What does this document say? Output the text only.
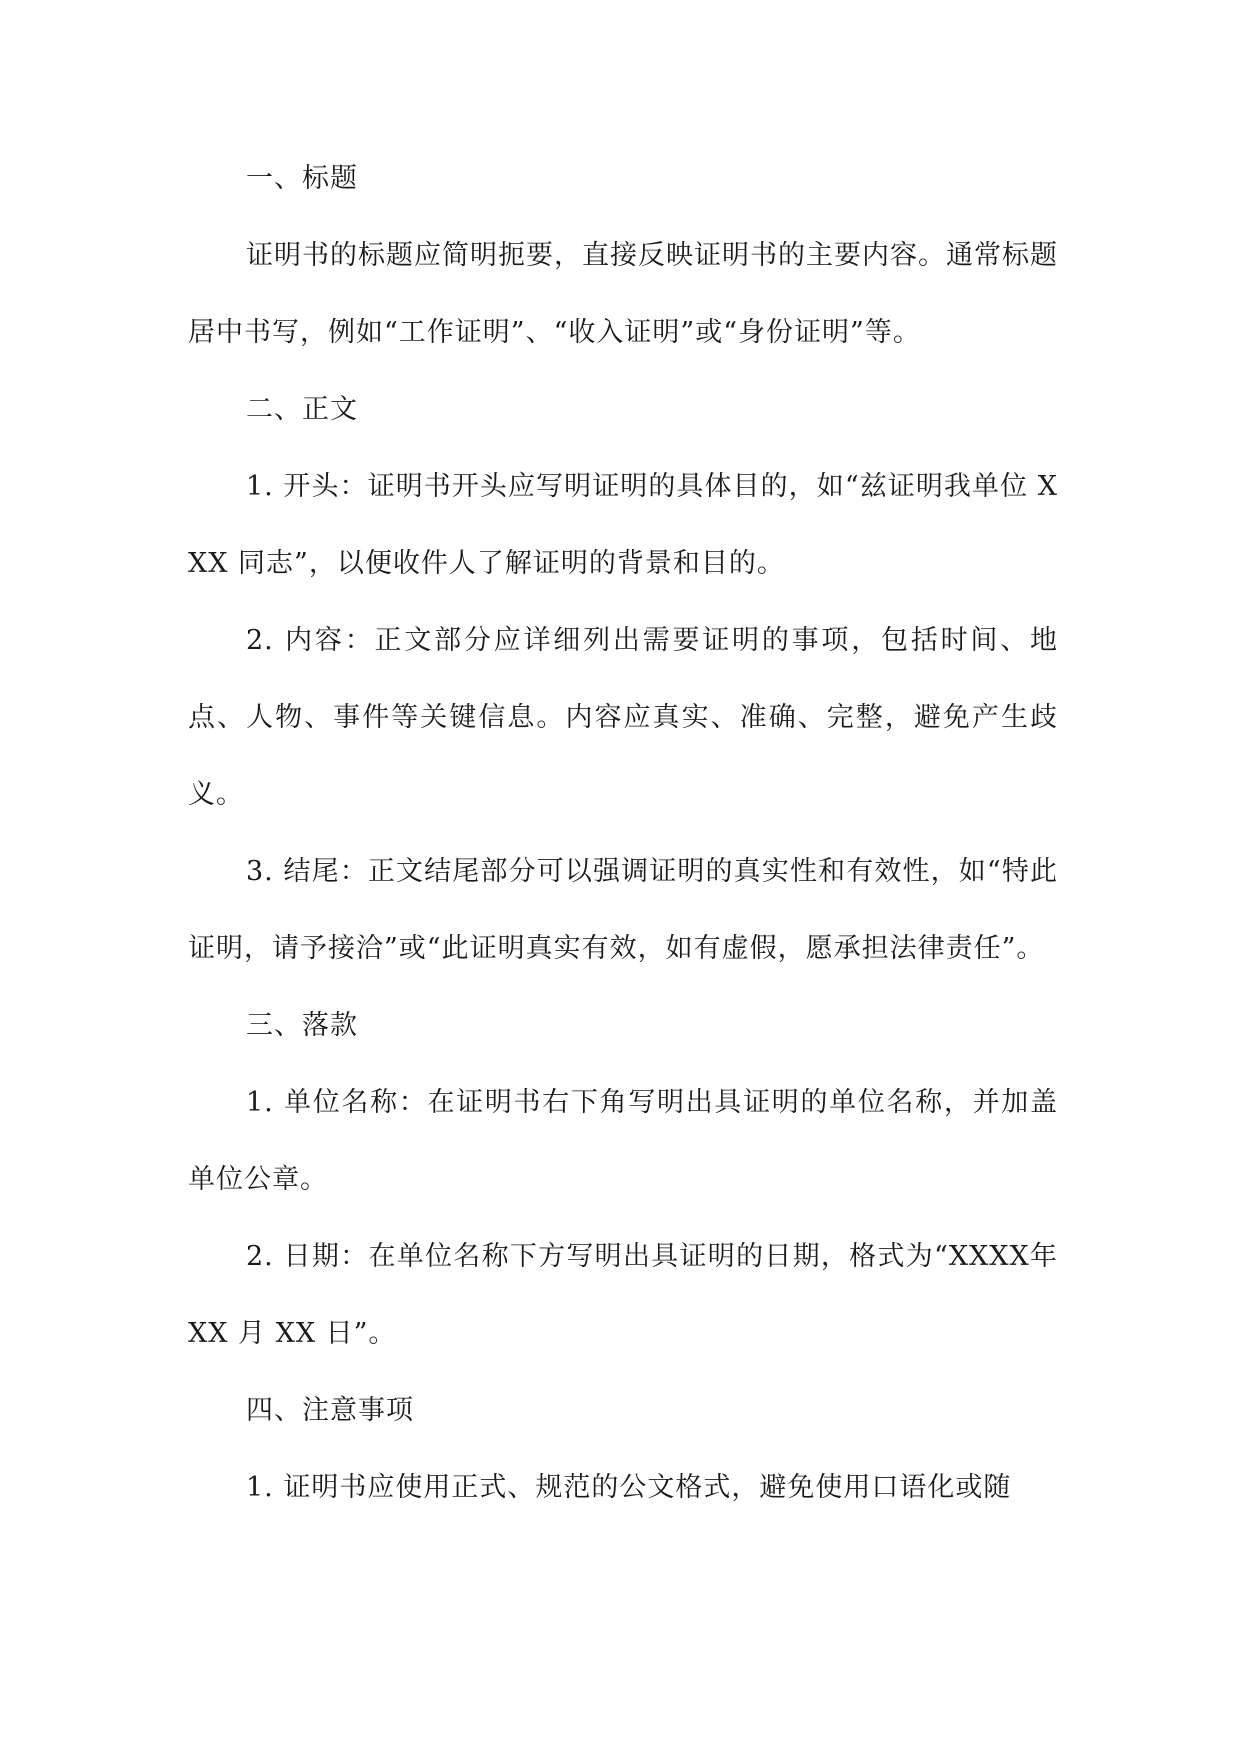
一、标题

证明书的标题应简明扼要，直接反映证明书的主要内容。通常标题居中书写，例如“工作证明”、“收入证明”或“身份证明”等。

二、正文

1. 开头：证明书开头应写明证明的具体目的，如“兹证明我单位 XXX 同志”，以便收件人了解证明的背景和目的。

2. 内容：正文部分应详细列出需要证明的事项，包括时间、地点、人物、事件等关键信息。内容应真实、准确、完整，避免产生歧义。

3. 结尾：正文结尾部分可以强调证明的真实性和有效性，如“特此证明，请予接洽”或“此证明真实有效，如有虚假，愿承担法律责任”。

三、落款

1. 单位名称：在证明书右下角写明出具证明的单位名称，并加盖单位公章。

2. 日期：在单位名称下方写明出具证明的日期，格式为“XXXX年 XX 月 XX 日”。

四、注意事项

1. 证明书应使用正式、规范的公文格式，避免使用口语化或随
